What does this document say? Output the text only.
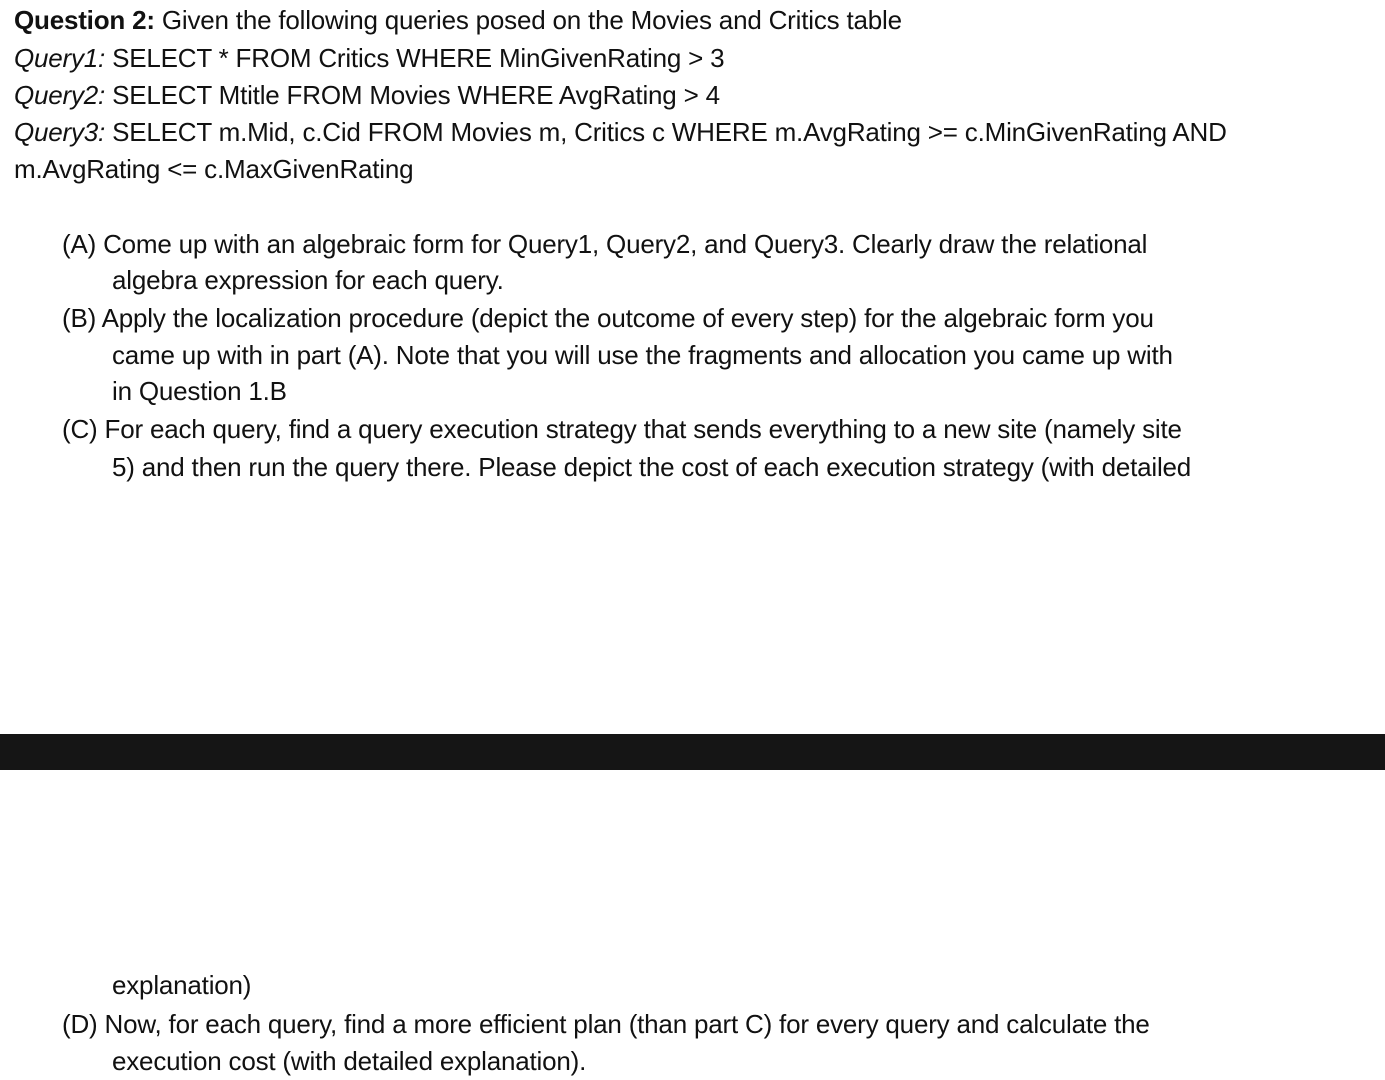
Question 2: Given the following queries posed on the Movies and Critics table
Query1: SELECT * FROM Critics WHERE MinGivenRating > 3
Query2: SELECT Mtitle FROM Movies WHERE AvgRating > 4
Query3: SELECT m.Mid, c.Cid FROM Movies m, Critics c WHERE m.AvgRating >= c.MinGivenRating AND
m.AvgRating <= c.MaxGivenRating
(A) Come up with an algebraic form for Query1, Query2, and Query3. Clearly draw the relational
algebra expression for each query.
(B) Apply the localization procedure (depict the outcome of every step) for the algebraic form you
came up with in part (A). Note that you will use the fragments and allocation you came up with
in Question 1.B
(C) For each query, find a query execution strategy that sends everything to a new site (namely site
5) and then run the query there. Please depict the cost of each execution strategy (with detailed
explanation)
(D) Now, for each query, find a more efficient plan (than part C) for every query and calculate the
execution cost (with detailed explanation).
